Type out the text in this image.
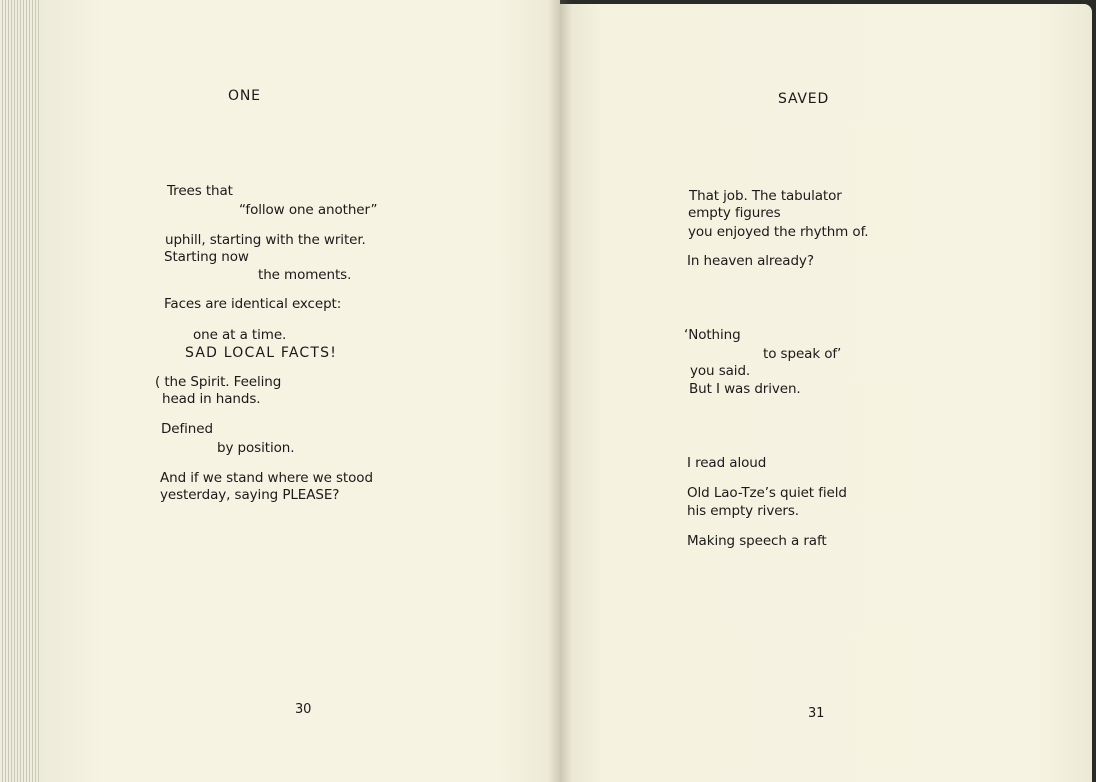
ONE
Trees that
“follow one another”
uphill, starting with the writer.
Starting now
the moments.
Faces are identical except:
one at a time.
SAD LOCAL FACTS!
( the Spirit. Feeling
head in hands.
Defined
by position.
And if we stand where we stood
yesterday, saying PLEASE?
30
SAVED
That job. The tabulator
empty figures
you enjoyed the rhythm of.
In heaven already?
‘Nothing
to speak of’
you said.
But I was driven.
I read aloud
Old Lao-Tze’s quiet field
his empty rivers.
Making speech a raft
31
